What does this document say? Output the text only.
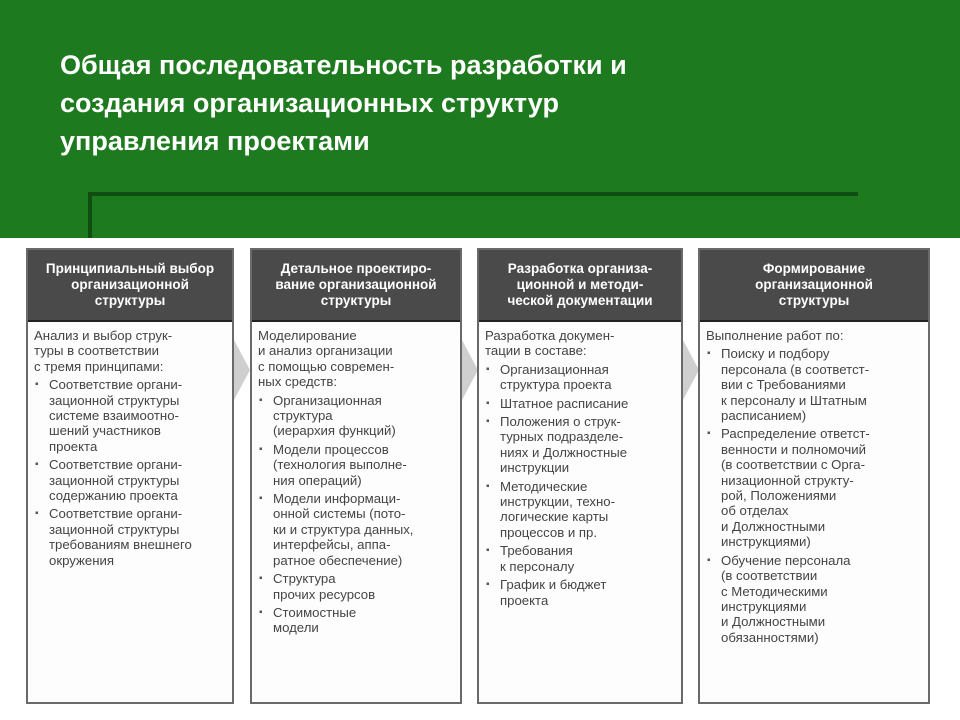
Общая последовательность разработки и
создания организационных структур
управления проектами
Принципиальный выбор
организационной
структуры

Анализ и выбор струк-
туры в соответствии
с тремя принципами:

▪ Соответствие органи-
зационной структуры
системе взаимоотно-
шений участников
проекта
▪ Соответствие органи-
зационной структуры
содержанию проекта
▪ Соответствие органи-
зационной структуры
требованиям внешнего
окружения
Детальное проектиро-
вание организационной
структуры

Моделирование
и анализ организации
с помощью современ-
ных средств:

▪ Организационная
структура
(иерархия функций)
▪ Модели процессов
(технология выполне-
ния операций)
▪ Модели информаци-
онной системы (пото-
ки и структура данных,
интерфейсы, аппа-
ратное обеспечение)
▪ Структура
прочих ресурсов
▪ Стоимостные
модели
Разработка организа-
ционной и методи-
ческой документации

Разработка докумен-
тации в составе:

▪ Организационная
структура проекта
▪ Штатное расписание
▪ Положения о струк-
турных подразделе-
ниях и Должностные
инструкции
▪ Методические
инструкции, техно-
логические карты
процессов и пр.
▪ Требования
к персоналу
▪ График и бюджет
проекта
Формирование
организационной
структуры

Выполнение работ по:

▪ Поиску и подбору
персонала (в соответст-
вии с Требованиями
к персоналу и Штатным
расписанием)
▪ Распределение ответст-
венности и полномочий
(в соответствии с Орга-
низационной структу-
рой, Положениями
об отделах
и Должностными
инструкциями)
▪ Обучение персонала
(в соответствии
с Методическими
инструкциями
и Должностными
обязанностями)
